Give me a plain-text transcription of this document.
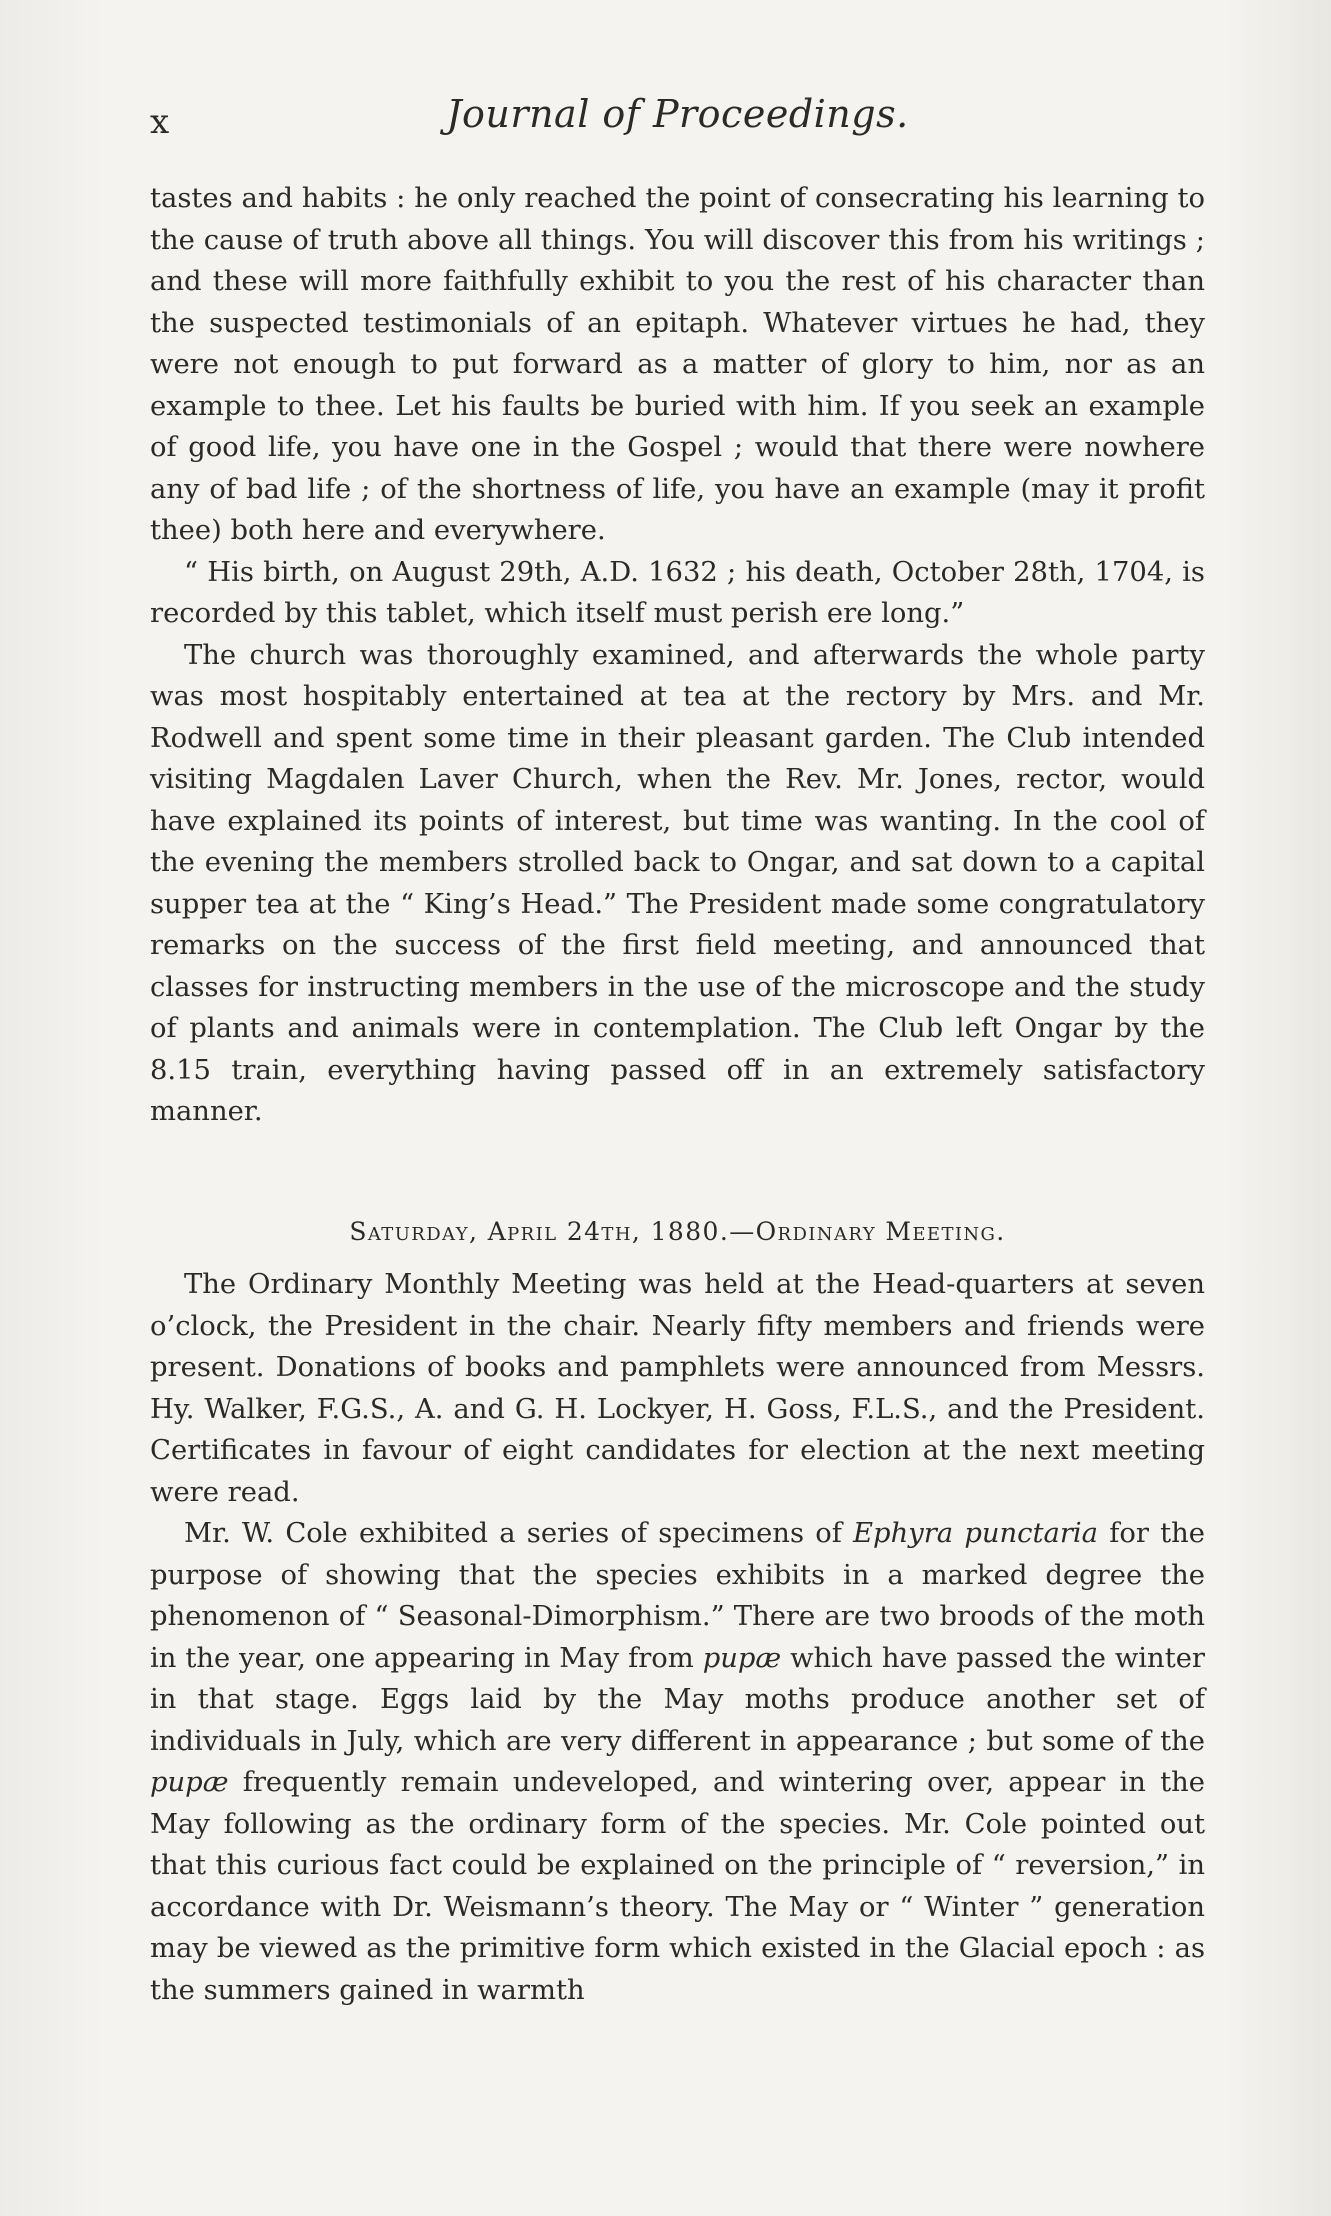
x	Journal of Proceedings.

tastes and habits : he only reached the point of consecrating his learning to the cause of truth above all things. You will discover this from his writings ; and these will more faithfully exhibit to you the rest of his character than the suspected testimonials of an epitaph. Whatever virtues he had, they were not enough to put forward as a matter of glory to him, nor as an example to thee. Let his faults be buried with him. If you seek an example of good life, you have one in the Gospel ; would that there were nowhere any of bad life ; of the shortness of life, you have an example (may it profit thee) both here and everywhere.

“ His birth, on August 29th, A.D. 1632 ; his death, October 28th, 1704, is recorded by this tablet, which itself must perish ere long.”

The church was thoroughly examined, and afterwards the whole party was most hospitably entertained at tea at the rectory by Mrs. and Mr. Rodwell and spent some time in their pleasant garden. The Club intended visiting Magdalen Laver Church, when the Rev. Mr. Jones, rector, would have explained its points of interest, but time was wanting. In the cool of the evening the members strolled back to Ongar, and sat down to a capital supper tea at the “ King’s Head.” The President made some congratulatory remarks on the success of the first field meeting, and announced that classes for instructing members in the use of the microscope and the study of plants and animals were in contemplation. The Club left Ongar by the 8.15 train, everything having passed off in an extremely satisfactory manner.

Saturday, April 24th, 1880.—Ordinary Meeting.

The Ordinary Monthly Meeting was held at the Head-quarters at seven o’clock, the President in the chair. Nearly fifty members and friends were present. Donations of books and pamphlets were announced from Messrs. Hy. Walker, F.G.S., A. and G. H. Lockyer, H. Goss, F.L.S., and the President. Certificates in favour of eight candidates for election at the next meeting were read.

Mr. W. Cole exhibited a series of specimens of Ephyra punctaria for the purpose of showing that the species exhibits in a marked degree the phenomenon of “ Seasonal-Dimorphism.” There are two broods of the moth in the year, one appearing in May from pupæ which have passed the winter in that stage. Eggs laid by the May moths produce another set of individuals in July, which are very different in appearance ; but some of the pupæ frequently remain undeveloped, and wintering over, appear in the May following as the ordinary form of the species. Mr. Cole pointed out that this curious fact could be explained on the principle of “ reversion,” in accordance with Dr. Weismann’s theory. The May or “ Winter ” generation may be viewed as the primitive form which existed in the Glacial epoch : as the summers gained in warmth
